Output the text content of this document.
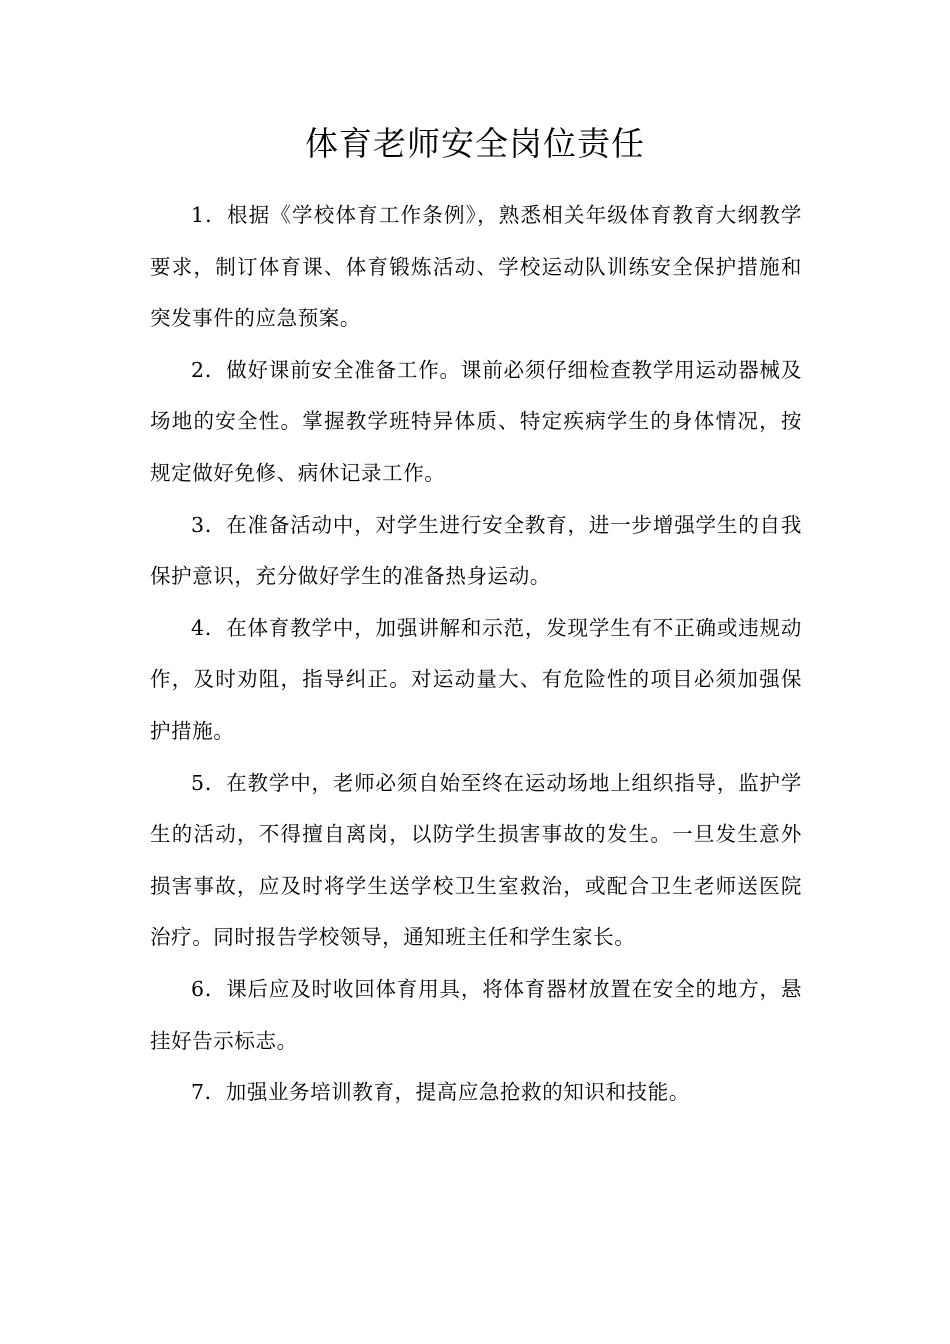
体育老师安全岗位责任

1．根据《学校体育工作条例》，熟悉相关年级体育教育大纲教学要求，制订体育课、体育锻炼活动、学校运动队训练安全保护措施和突发事件的应急预案。

2．做好课前安全准备工作。课前必须仔细检查教学用运动器械及场地的安全性。掌握教学班特异体质、特定疾病学生的身体情况，按规定做好免修、病休记录工作。

3．在准备活动中，对学生进行安全教育，进一步增强学生的自我保护意识，充分做好学生的准备热身运动。

4．在体育教学中，加强讲解和示范，发现学生有不正确或违规动作，及时劝阻，指导纠正。对运动量大、有危险性的项目必须加强保护措施。

5．在教学中，老师必须自始至终在运动场地上组织指导，监护学生的活动，不得擅自离岗，以防学生损害事故的发生。一旦发生意外损害事故，应及时将学生送学校卫生室救治，或配合卫生老师送医院治疗。同时报告学校领导，通知班主任和学生家长。

6．课后应及时收回体育用具，将体育器材放置在安全的地方，悬挂好告示标志。

7．加强业务培训教育，提高应急抢救的知识和技能。
